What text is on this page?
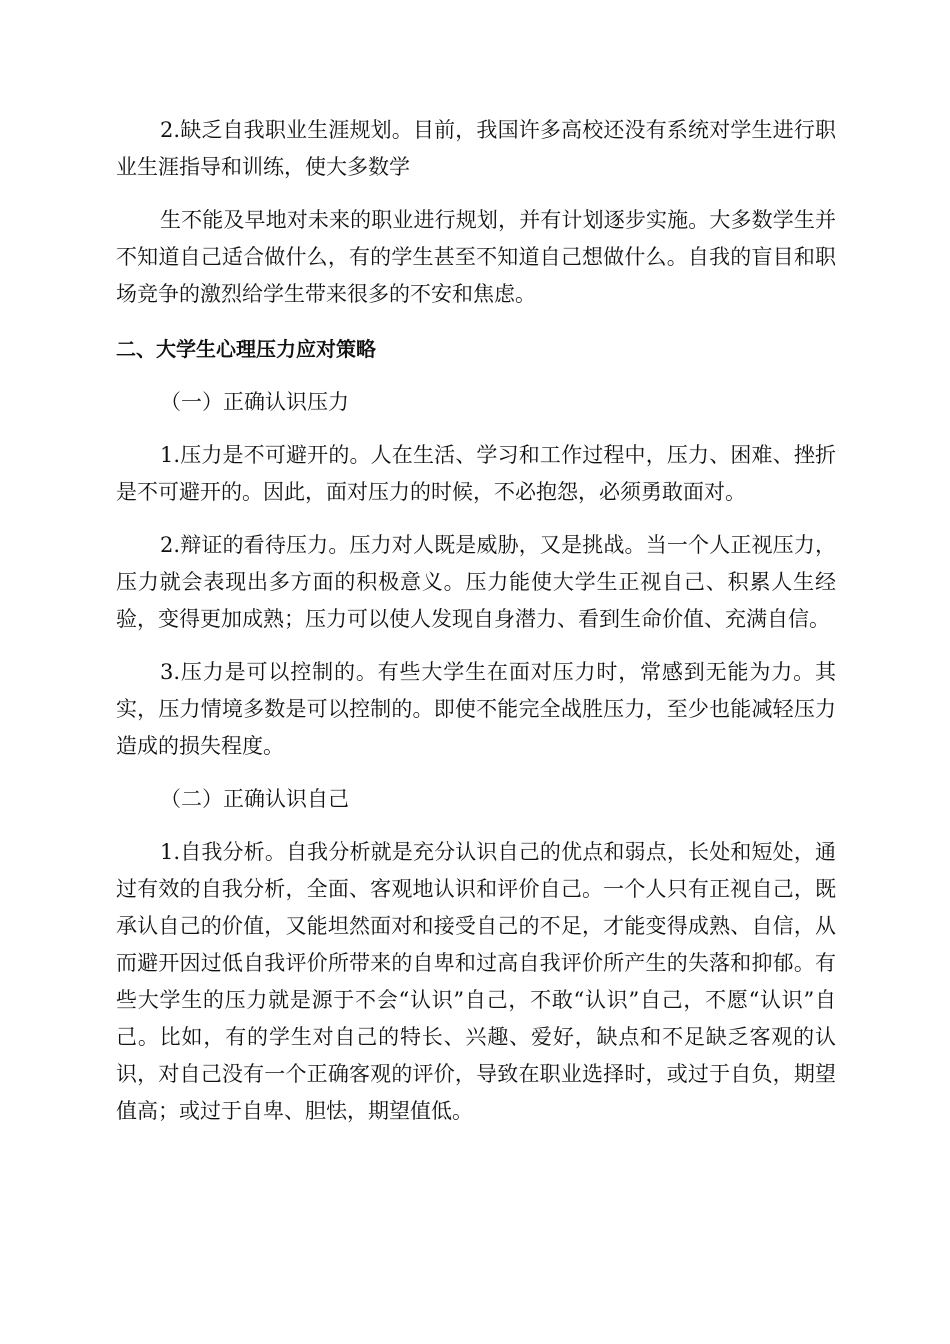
2.缺乏自我职业生涯规划。目前，我国许多高校还没有系统对学生进行职业生涯指导和训练，使大多数学

生不能及早地对未来的职业进行规划，并有计划逐步实施。大多数学生并不知道自己适合做什么，有的学生甚至不知道自己想做什么。自我的盲目和职场竞争的激烈给学生带来很多的不安和焦虑。

二、大学生心理压力应对策略

（一）正确认识压力

1.压力是不可避开的。人在生活、学习和工作过程中，压力、困难、挫折是不可避开的。因此，面对压力的时候，不必抱怨，必须勇敢面对。

2.辩证的看待压力。压力对人既是威胁，又是挑战。当一个人正视压力，压力就会表现出多方面的积极意义。压力能使大学生正视自己、积累人生经验，变得更加成熟；压力可以使人发现自身潜力、看到生命价值、充满自信。

3.压力是可以控制的。有些大学生在面对压力时，常感到无能为力。其实，压力情境多数是可以控制的。即使不能完全战胜压力，至少也能减轻压力造成的损失程度。

（二）正确认识自己

1.自我分析。自我分析就是充分认识自己的优点和弱点，长处和短处，通过有效的自我分析，全面、客观地认识和评价自己。一个人只有正视自己，既承认自己的价值，又能坦然面对和接受自己的不足，才能变得成熟、自信，从而避开因过低自我评价所带来的自卑和过高自我评价所产生的失落和抑郁。有些大学生的压力就是源于不会“认识”自己，不敢“认识”自己，不愿“认识”自己。比如，有的学生对自己的特长、兴趣、爱好，缺点和不足缺乏客观的认识，对自己没有一个正确客观的评价，导致在职业选择时，或过于自负，期望值高；或过于自卑、胆怯，期望值低。
